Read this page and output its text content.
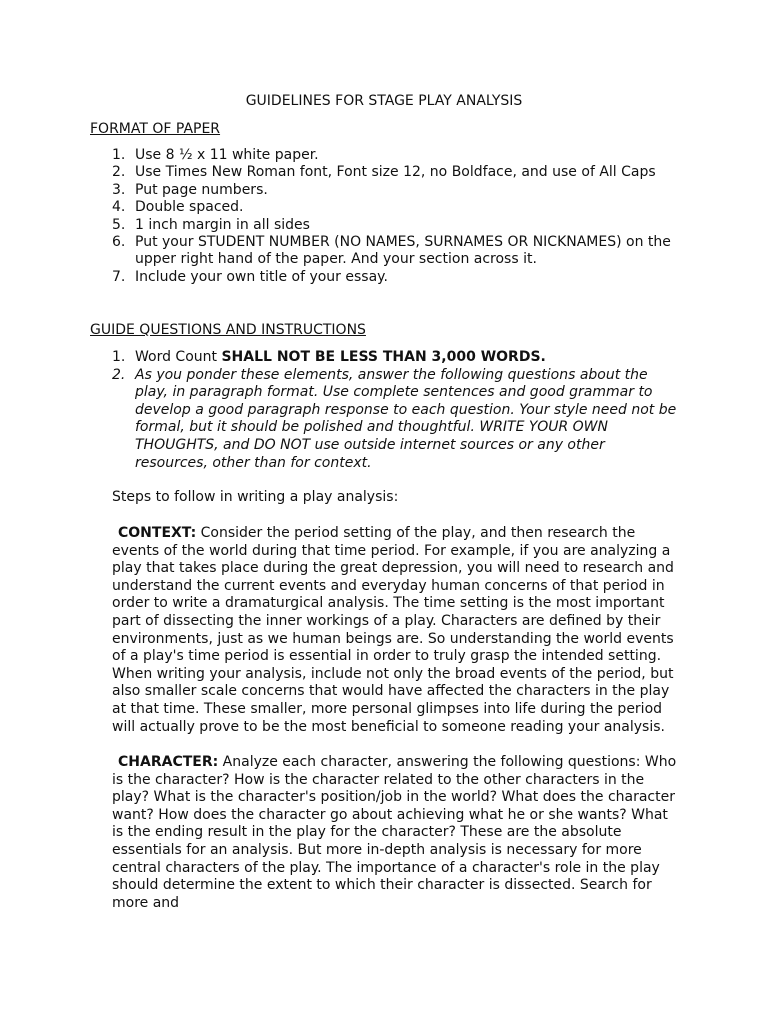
GUIDELINES FOR STAGE PLAY ANALYSIS
FORMAT OF PAPER
1. Use 8 ½ x 11 white paper.
2. Use Times New Roman font, Font size 12, no Boldface, and use of All Caps
3. Put page numbers.
4. Double spaced.
5. 1 inch margin in all sides
6. Put your STUDENT NUMBER (NO NAMES, SURNAMES OR NICKNAMES) on the upper right hand of the paper. And your section across it.
7. Include your own title of your essay.
GUIDE QUESTIONS AND INSTRUCTIONS
1. Word Count SHALL NOT BE LESS THAN 3,000 WORDS.
2. As you ponder these elements, answer the following questions about the play, in paragraph format. Use complete sentences and good grammar to develop a good paragraph response to each question. Your style need not be formal, but it should be polished and thoughtful. WRITE YOUR OWN THOUGHTS, and DO NOT use outside internet sources or any other resources, other than for context.

Steps to follow in writing a play analysis:

CONTEXT: Consider the period setting of the play, and then research the events of the world during that time period. For example, if you are analyzing a play that takes place during the great depression, you will need to research and understand the current events and everyday human concerns of that period in order to write a dramaturgical analysis. The time setting is the most important part of dissecting the inner workings of a play. Characters are defined by their environments, just as we human beings are. So understanding the world events of a play's time period is essential in order to truly grasp the intended setting. When writing your analysis, include not only the broad events of the period, but also smaller scale concerns that would have affected the characters in the play at that time. These smaller, more personal glimpses into life during the period will actually prove to be the most beneficial to someone reading your analysis.

CHARACTER: Analyze each character, answering the following questions: Who is the character? How is the character related to the other characters in the play? What is the character's position/job in the world? What does the character want? How does the character go about achieving what he or she wants? What is the ending result in the play for the character? These are the absolute essentials for an analysis. But more in-depth analysis is necessary for more central characters of the play. The importance of a character's role in the play should determine the extent to which their character is dissected. Search for more and
